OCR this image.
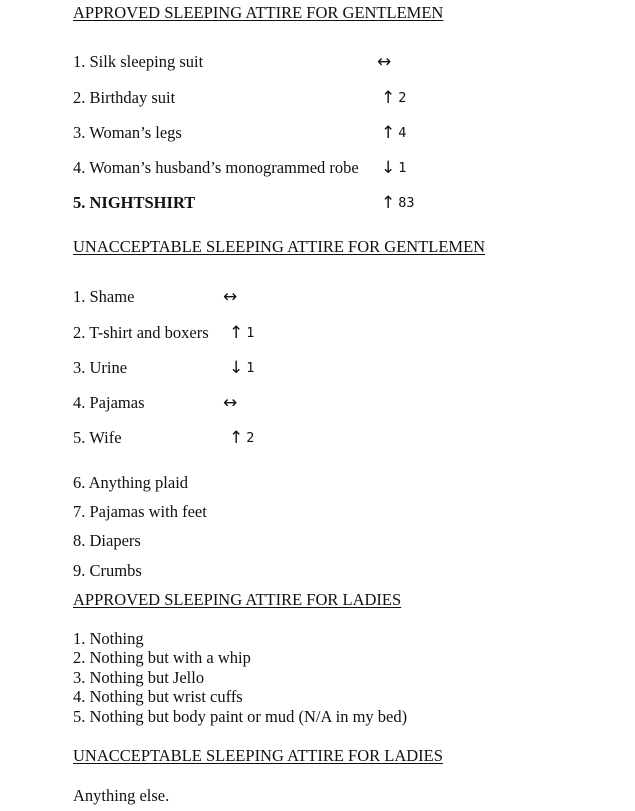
APPROVED SLEEPING ATTIRE FOR GENTLEMEN
1. Silk sleeping suit	↔
2. Birthday suit	↑ 2
3. Woman’s legs	↑ 4
4. Woman’s husband’s monogrammed robe ↓ 1
5. NIGHTSHIRT	↑ 83
UNACCEPTABLE SLEEPING ATTIRE FOR GENTLEMEN
1. Shame	↔
2. T-shirt and boxers ↑ 1
3. Urine	↓ 1
4. Pajamas	↔
5. Wife	↑ 2
6. Anything plaid
7. Pajamas with feet
8. Diapers
9. Crumbs
APPROVED SLEEPING ATTIRE FOR LADIES
1. Nothing
2. Nothing but with a whip
3. Nothing but Jello
4. Nothing but wrist cuffs
5. Nothing but body paint or mud (N/A in my bed)
UNACCEPTABLE SLEEPING ATTIRE FOR LADIES
Anything else.
